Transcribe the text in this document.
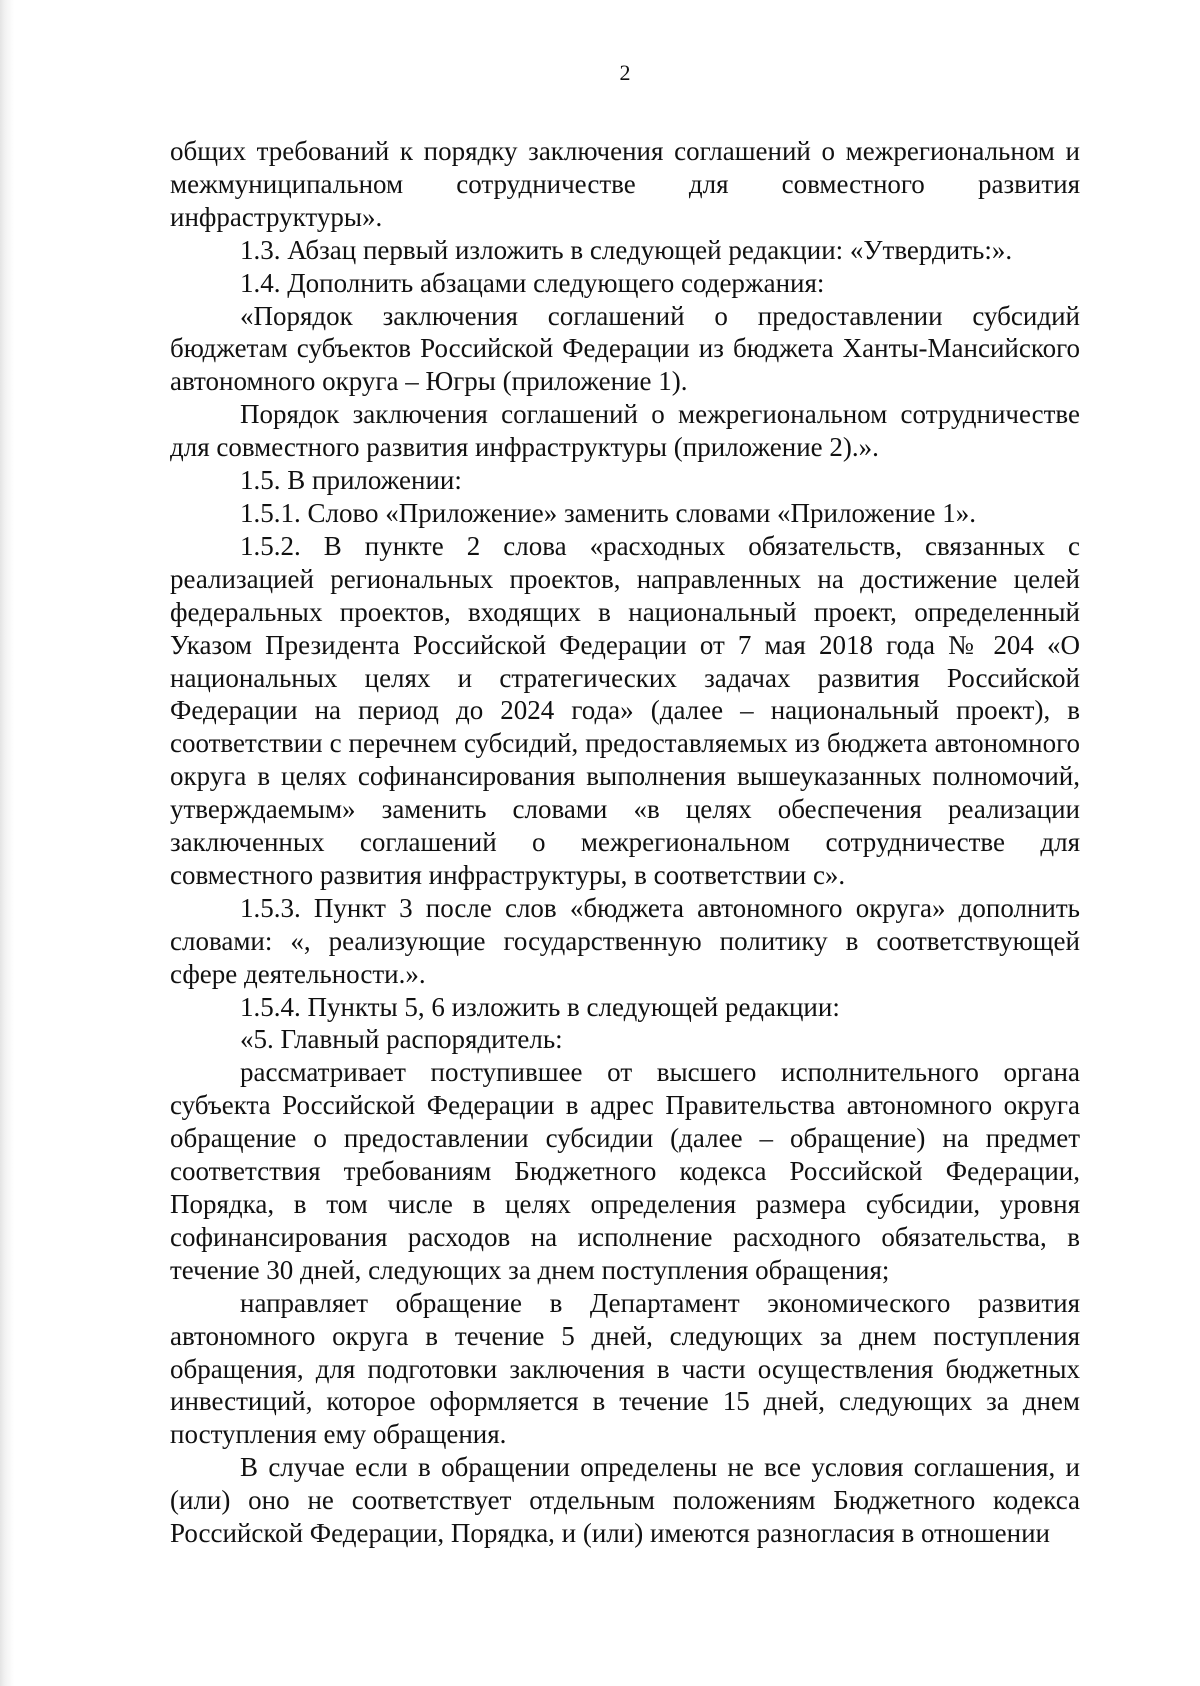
2

общих требований к порядку заключения соглашений о межрегиональном и межмуниципальном сотрудничестве для совместного развития инфраструктуры».

1.3. Абзац первый изложить в следующей редакции: «Утвердить:».

1.4. Дополнить абзацами следующего содержания:

«Порядок заключения соглашений о предоставлении субсидий бюджетам субъектов Российской Федерации из бюджета Ханты-Мансийского автономного округа – Югры (приложение 1).

Порядок заключения соглашений о межрегиональном сотрудничестве для совместного развития инфраструктуры (приложение 2).».

1.5. В приложении:

1.5.1. Слово «Приложение» заменить словами «Приложение 1».

1.5.2. В пункте 2 слова «расходных обязательств, связанных с реализацией региональных проектов, направленных на достижение целей федеральных проектов, входящих в национальный проект, определенный Указом Президента Российской Федерации от 7 мая 2018 года № 204 «О национальных целях и стратегических задачах развития Российской Федерации на период до 2024 года» (далее – национальный проект), в соответствии с перечнем субсидий, предоставляемых из бюджета автономного округа в целях софинансирования выполнения вышеуказанных полномочий, утверждаемым» заменить словами «в целях обеспечения реализации заключенных соглашений о межрегиональном сотрудничестве для совместного развития инфраструктуры, в соответствии с».

1.5.3. Пункт 3 после слов «бюджета автономного округа» дополнить словами: «, реализующие государственную политику в соответствующей сфере деятельности.».

1.5.4. Пункты 5, 6 изложить в следующей редакции:

«5. Главный распорядитель:

рассматривает поступившее от высшего исполнительного органа субъекта Российской Федерации в адрес Правительства автономного округа обращение о предоставлении субсидии (далее – обращение) на предмет соответствия требованиям Бюджетного кодекса Российской Федерации, Порядка, в том числе в целях определения размера субсидии, уровня софинансирования расходов на исполнение расходного обязательства, в течение 30 дней, следующих за днем поступления обращения;

направляет обращение в Департамент экономического развития автономного округа в течение 5 дней, следующих за днем поступления обращения, для подготовки заключения в части осуществления бюджетных инвестиций, которое оформляется в течение 15 дней, следующих за днем поступления ему обращения.

В случае если в обращении определены не все условия соглашения, и (или) оно не соответствует отдельным положениям Бюджетного кодекса Российской Федерации, Порядка, и (или) имеются разногласия в отношении
